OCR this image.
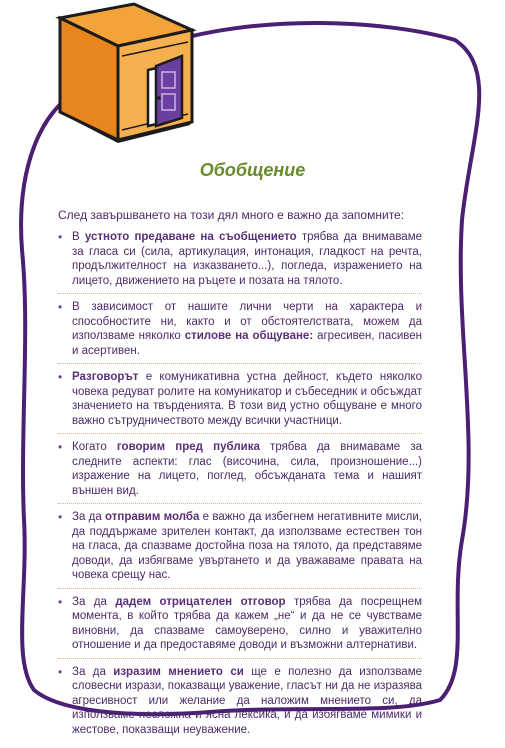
Обобщение
След завършването на този дял много е важно да запомните:
• В устното предаване на съобщението трябва да внимаваме за гласа си (сила, артикулация, интонация, гладкост на речта, продължителност на изказването...), погледа, изражението на лицето, движението на ръцете и позата на тялото.
• В зависимост от нашите лични черти на характера и способностите ни, както и от обстоятелствата, можем да използваме няколко стилове на общуване: агресивен, пасивен и асертивен.
• Разговорът е комуникативна устна дейност, където няколко човека редуват ролите на комуникатор и събеседник и обсъждат значението на твърденията. В този вид устно общуване е много важно сътрудничеството между всички участници.
• Когато говорим пред публика трябва да внимаваме за следните аспекти: глас (височина, сила, произношение...) изражение на лицето, поглед, обсъжданата тема и нашият външен вид.
• За да отправим молба е важно да избегнем негативните мисли, да поддържаме зрителен контакт, да използваме естествен тон на гласа, да спазваме достойна поза на тялото, да представяме доводи, да избягваме увъртането и да уважаваме правата на човека срещу нас.
• За да дадем отрицателен отговор трябва да посрещнем момента, в който трябва да кажем „не“ и да не се чувстваме виновни, да спазваме самоуверено, силно и уважително отношение и да предоставяме доводи и възможни алтернативи.
• За да изразим мнението си ще е полезно да използваме словесни изрази, показващи уважение, гласът ни да не изразява агресивност или желание да наложим мнението си, да използваме несложна и ясна лексика, и да избягваме мимики и жестове, показващи неуважение.
